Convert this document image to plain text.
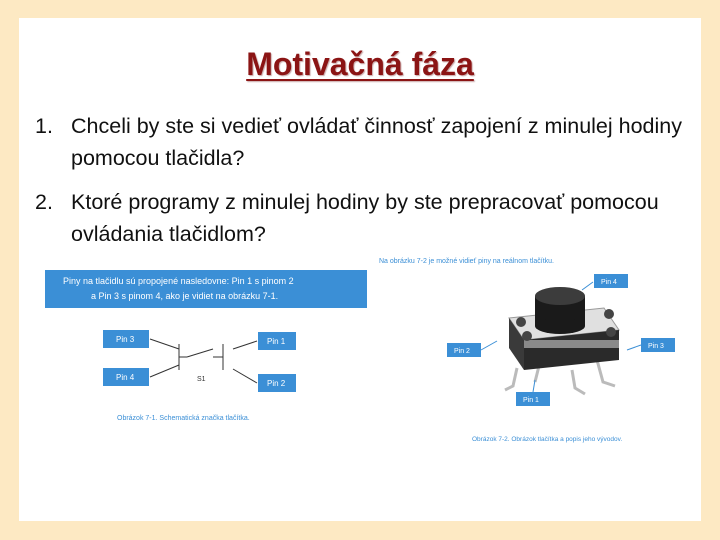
Motivačná fáza
1. Chceli by ste si vedieť ovládať činnosť zapojení z minulej hodiny pomocou tlačidla?
2. Ktoré programy z minulej hodiny by ste prepracovať pomocou ovládania tlačidlom?
Piny na tlačidlu sú propojené nasledovne: Pin 1 s pinom 2
a Pin 3 s pinom 4, ako je vidiet na obrázku 7-1.
Pin 3
Pin 4
Pin 1
Pin 2
S1
Obrázok 7-1. Schematická značka tlačítka.
Na obrázku 7-2 je možné vidieť piny na reálnom tlačítku.
Pin 4
Pin 2
Pin 3
Pin 1
Obrázok 7-2. Obrázok tlačítka a popis jeho vývodov.
